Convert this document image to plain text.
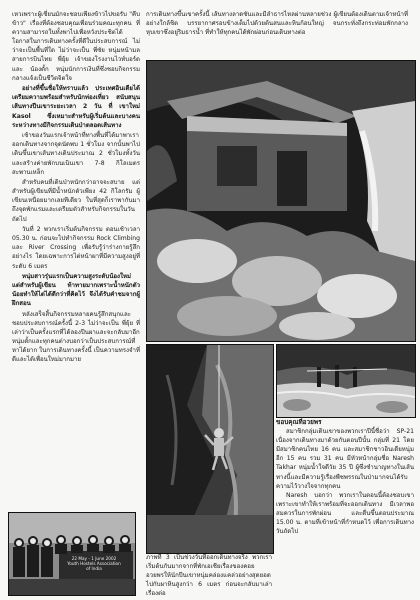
เหวเพราะผู้เชี่ยนมักจะชอบเพียงข้าวไปขอรับ "คีบข้าว" เรื่องที่ต้องชอบคุณเพื่อนร่วมคณะทุกคน ที่ความสามารถในทั้งพาไปเพื่อหวังประชิตได้โอกาสในการเดินทางครั้งที่ดีในประสบการณ์ ไม่ว่าจะเป็นพื้นที่ใด ไม่ว่าจะเป็น พี่ซัย หนุ่มหน้ามลสายการบินไทย พี่ยุ้ย เจ้าของโรงงานไวท์บอร์ด และ น้องตั้ก หนุ่มนักการเงินที่ซึ่งชอบกิจกรรมกลางแจ้งเป็นชีวิตจิตใจ

อย่างที่ขึ้นชื่อให้ทราบแล้ว ประเทศอินเดียได้เตรียมความพร้อมสำหรับนักท่องเที่ยว สนับสนุนเส้นทางปีนเขาระยะเวลา 2 วัน ที่ เขาใหม่ Kasol ซึ่งเหมาะสำหรับผู้เริ่มต้นและบางคน ระหว่างทางมีกิจกรรมเดินป่าตลอดเส้นทาง

เช้าของวันแรกเจ้าหน้าที่ทางพื้นที่ได้มาพาเราออกเดินทางจากจุดนัดพบ 1 ชั่วโมง จากนั้นพาไปเดินขึ้นเขาเส้นทางเดินประมาณ 2 ชั่วโมงทั้งวันและสร้างค่ายพักบนเนินเขา 7-8 กิโลเมตร สะพานเหล็ก

สำหรับคนที่เดินป่าหนักกว่าอาจจะสบาย แต่สำหรับผู้เขียนที่มีน้ำหนักตัวเพียง 42 กิโลกรัม ผู้เขียนเหนื่อยมากเลยทีเดียว ในที่สุดก็เราพากันมาถึงจุดพักแรมและเตรียมตัวสำหรับกิจกรรมในวันถัดไป

วันที่ 2 พวกเราเริ่มต้นกิจกรรม ตอนเช้าเวลา 05.30 น. ก่อนจะไปทำกิจกรรม Rock Climbing และ River Crossing เพื่อรับรู้ว่าร่างกายรู้สึกอย่างไร โดยเฉพาะการไต่หน้าผาที่มีความสูงอยู่ที่ระดับ 6 เมตร

หนุ่มสาวรุ่นแรกเป็นความสูงระดับน้องใหม่ แต่สำหรับผู้เขียน ท้าทายมากเพราะน้ำหนักตัวน้อยทำให้ไต่ได้ดีกว่าที่คิดไว้ จึงได้รับคำชมจากผู้ฝึกสอน

หลังเสร็จสิ้นกิจกรรมหลายคนรู้สึกสนุกและชอบประสบการณ์ครั้งนี้ 2-3 ไม่ว่าจะเป็น พี่ยุ้ย ที่เล่าว่าเป็นครั้งแรกที่ได้ลองปีนผาและจะกลับมาอีก หนุ่มตั้กและทุกคนต่างบอกว่าเป็นประสบการณ์ที่หาได้ยาก ในการเดินทางครั้งนี้ เป็นความทรงจำที่ดีและได้เพื่อนใหม่มากมาย

การเดินทางขึ้นเขาครั้งนี้ เส้นทางลาดชันและมีลำธารไหลผ่านหลายช่วง ผู้เขียนต้องเดินตามเจ้าหน้าที่อย่างใกล้ชิด บรรยากาศรอบข้างเต็มไปด้วยต้นสนและหินก้อนใหญ่ จนกระทั่งถึงกระท่อมพักกลางหุบเขาซึ่งอยู่ริมธารน้ำ ที่ทำให้ทุกคนได้พักผ่อนก่อนเดินทางต่อ

22 May - 1 June 2002
Youth Hostels Association
of India
ภาพที่ 3 เป็นช่วงวันที่ออกเดินทางจริง พวกเราเริ่มต้นกันมากจากที่พักเอเชียเรื่องของคอยอวยพรให้นักปีนเขาหนุ่มคล่องแคล่วอย่างสุดยอดไปกับผาหินสูงกว่า 6 เมตร ก่อนจะกลับมาเล่าเรื่องต่อ

ขอบคุณที่อวยพร

สมาชิกกลุ่มเดินเขาของพวกเราปีนี้ชื่อว่า SP-21 เนื่องจากเดินทางมาด้วยกันตอนปีนั้น กลุ่มที่ 21 โดยมีสมาชิกคนไทย 16 คน และสมาชิกชาวอินเดียหนุ่มอีก 15 คน รวม 31 คน มีหัวหน้ากลุ่มชื่อ Naresh Takhar หนุ่มน้ำใจดีวัย 35 ปี ผู้ซึ่งชำนาญทางในเส้นทางนี้และมีความรู้เรื่องพืชพรรณในป่ามากจนได้รับความไว้วางใจจากทุกคน

Naresh บอกว่า พวกเราในตอนนี้ต้องชอบเขาเพราะเขาทำให้เราพร้อมที่จะออกเดินทาง มีเวลาพอสมควรในการพักผ่อน และตื่นขึ้นตอนประมาณ 15.00 น. ตามที่เข้าหน้าที่กำหนดไว้ เพื่อการเดินทางวันถัดไป
